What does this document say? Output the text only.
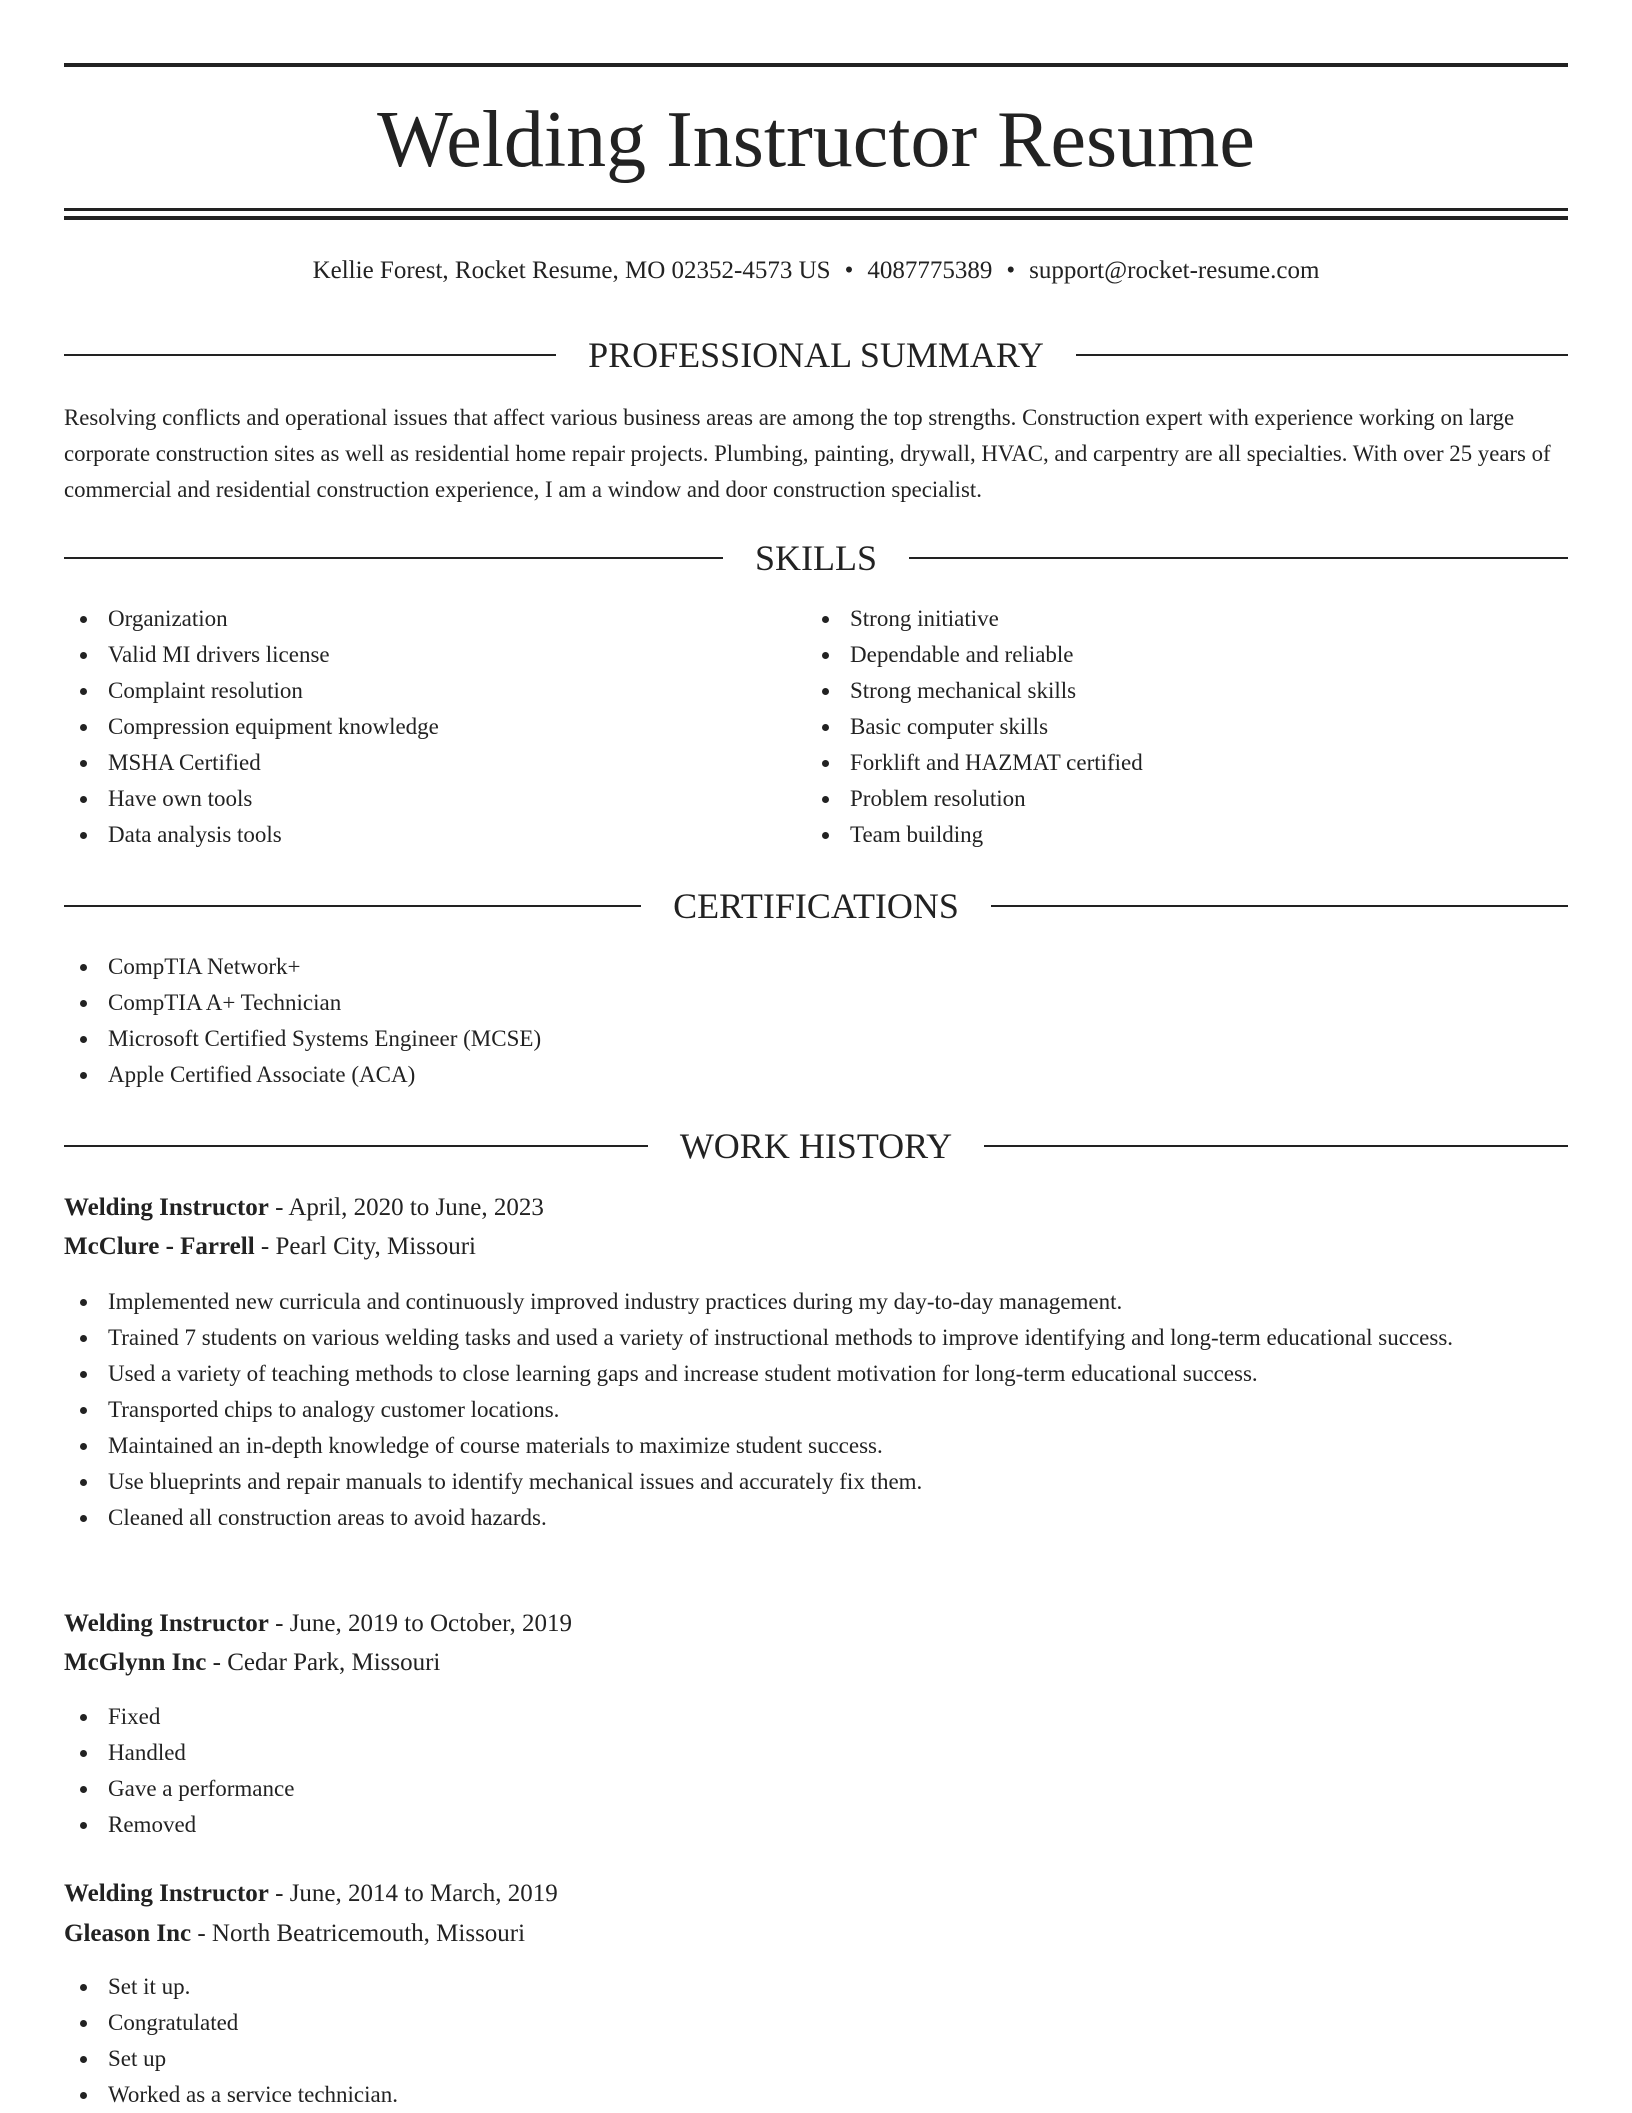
Welding Instructor Resume
Kellie Forest, Rocket Resume, MO 02352-4573 US • 4087775389 • support@rocket-resume.com
PROFESSIONAL SUMMARY

Resolving conflicts and operational issues that affect various business areas are among the top strengths. Construction expert with experience working on large corporate construction sites as well as residential home repair projects. Plumbing, painting, drywall, HVAC, and carpentry are all specialties. With over 25 years of commercial and residential construction experience, I am a window and door construction specialist.

SKILLS
Organization
Valid MI drivers license
Complaint resolution
Compression equipment knowledge
MSHA Certified
Have own tools
Data analysis tools
Strong initiative
Dependable and reliable
Strong mechanical skills
Basic computer skills
Forklift and HAZMAT certified
Problem resolution
Team building
CERTIFICATIONS
CompTIA Network+
CompTIA A+ Technician
Microsoft Certified Systems Engineer (MCSE)
Apple Certified Associate (ACA)
WORK HISTORY
Welding Instructor - April, 2020 to June, 2023
McClure - Farrell - Pearl City, Missouri
Implemented new curricula and continuously improved industry practices during my day-to-day management.
Trained 7 students on various welding tasks and used a variety of instructional methods to improve identifying and long-term educational success.
Used a variety of teaching methods to close learning gaps and increase student motivation for long-term educational success.
Transported chips to analogy customer locations.
Maintained an in-depth knowledge of course materials to maximize student success.
Use blueprints and repair manuals to identify mechanical issues and accurately fix them.
Cleaned all construction areas to avoid hazards.
Welding Instructor - June, 2019 to October, 2019
McGlynn Inc - Cedar Park, Missouri
Fixed
Handled
Gave a performance
Removed
Welding Instructor - June, 2014 to March, 2019
Gleason Inc - North Beatricemouth, Missouri
Set it up.
Congratulated
Set up
Worked as a service technician.
